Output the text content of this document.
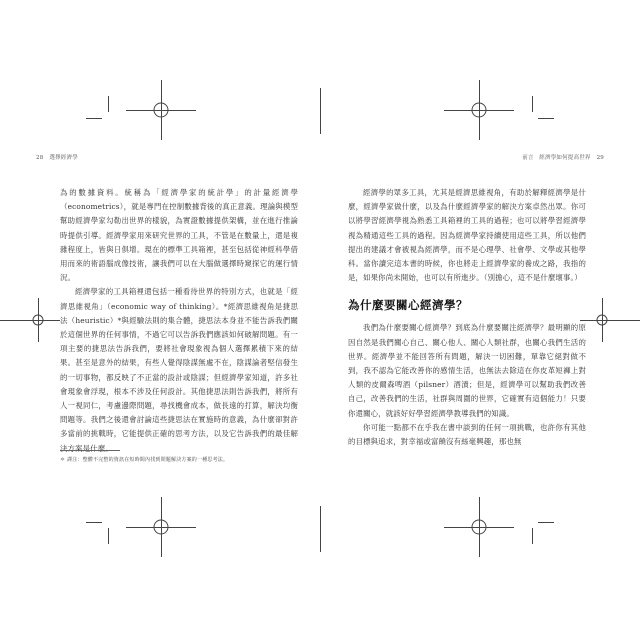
28 選擇經濟學	前言　經濟學如何提高世界 29

為的數據資料。統稱為「經濟學家的統計學」的計量經濟學（econometrics），就是專門在控制數據背後的真正意義。理論與模型幫助經濟學家勾勒出世界的樣貌，為實證數據提供架構，並在進行推論時提供引導。經濟學家用來研究世界的工具，不管是在數量上，還是複雜程度上，皆與日俱增。現在的標準工具箱裡，甚至包括從神經科學借用而來的術語腦成像技術，讓我們可以在大腦做選擇時窺探它的運行情況。

經濟學家的工具箱裡還包括一種看待世界的特別方式，也就是「經濟思維視角」（economic way of thinking）。*經濟思維視角是捷思法（heuristic）*與經驗法則的集合體，捷思法本身並不能告訴我們關於這個世界的任何事情，不過它可以告訴我們應該如何破解問題。有一項主要的捷思法告訴我們，要將社會現象視為個人選擇累積下來的結果。甚至是意外的結果，有些人覺得陰謀無處不在，陰謀論者堅信發生的一切事物，都反映了不正當的設計或陰謀；但經濟學家知道，許多社會現象會浮現，根本不涉及任何設計。其他捷思法則告訴我們，將所有人一視同仁，考慮邊際問題，尋找機會成本，做長遠的打算，解決均衡問題等。我們之後還會討論這些捷思法在實施時的意義，為什麼卻對許多當前的挑戰時，它能提供正確的思考方法，以及它告訴我們的最佳解決方案是什麼。

＊ 譯注：整體不完整的資訊在短時間內找到問題解決方案的一種思考法。

經濟學的眾多工具，尤其是經濟思維視角，有助於解釋經濟學是什麼，經濟學家做什麼，以及為什麼經濟學家的解決方案卓然出眾。你可以將學習經濟學視為熟悉工具箱裡的工具的過程；也可以將學習經濟學視為精通這些工具的過程。因為經濟學家持續使用這些工具，所以他們提出的建議才會被視為經濟學，而不是心理學、社會學、文學或其他學科。當你讀完這本書的時候，你也將走上經濟學家的養成之路，我指的是，如果你尚未開始，也可以有所進步。（別擔心，這不是什麼壞事。）

為什麼要關心經濟學？

我們為什麼要關心經濟學？到底為什麼要關注經濟學？最明顯的原因自然是我們關心自己、關心他人、關心人類社群，也關心我們生活的世界。經濟學並不能回答所有問題，解決一切困難，單靠它絕對做不到，我不認為它能改善你的感情生活，也無法去除這在你皮革短褲上對人類的皮爾森啤酒（pilsner）酒漬；但是，經濟學可以幫助我們改善自己，改善我們的生活，社群與周圍的世界，它確實有這個能力！只要你還關心，就該好好學習經濟學教導我們的知識。

你可能一點都不在乎我在書中談到的任何一項挑戰，也許你有其他的目標與追求，對幸福或富饒沒有絲毫興趣，那也無
